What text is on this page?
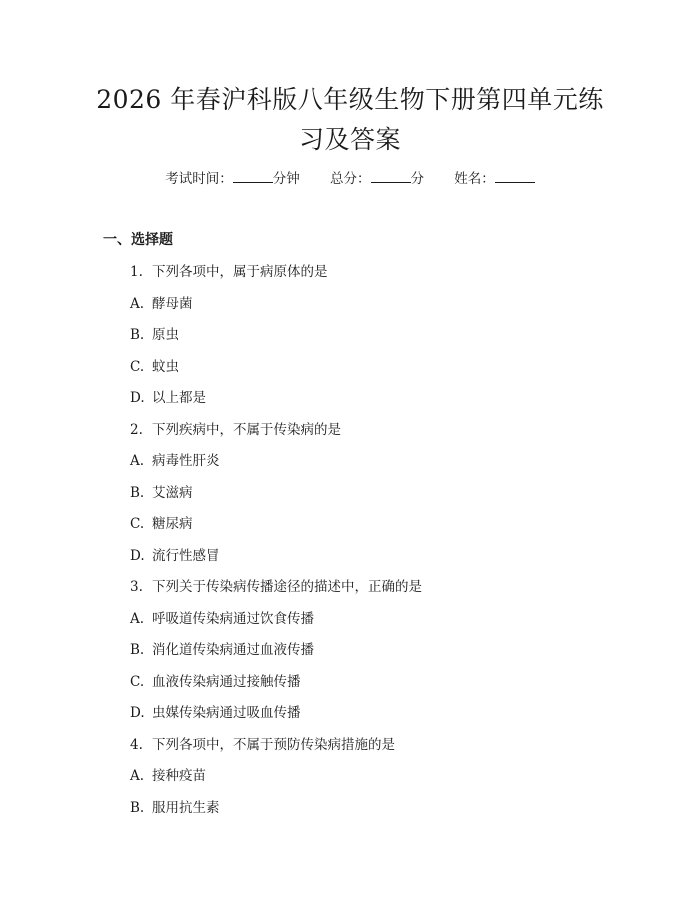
2026 年春沪科版八年级生物下册第四单元练
习及答案
考试时间：	分钟 总分：	分 姓名：
一、选择题
1. 下列各项中，属于病原体的是
A. 酵母菌
B. 原虫
C. 蚊虫
D. 以上都是
2. 下列疾病中，不属于传染病的是
A. 病毒性肝炎
B. 艾滋病
C. 糖尿病
D. 流行性感冒
3. 下列关于传染病传播途径的描述中，正确的是
A. 呼吸道传染病通过饮食传播
B. 消化道传染病通过血液传播
C. 血液传染病通过接触传播
D. 虫媒传染病通过吸血传播
4. 下列各项中，不属于预防传染病措施的是
A. 接种疫苗
B. 服用抗生素
